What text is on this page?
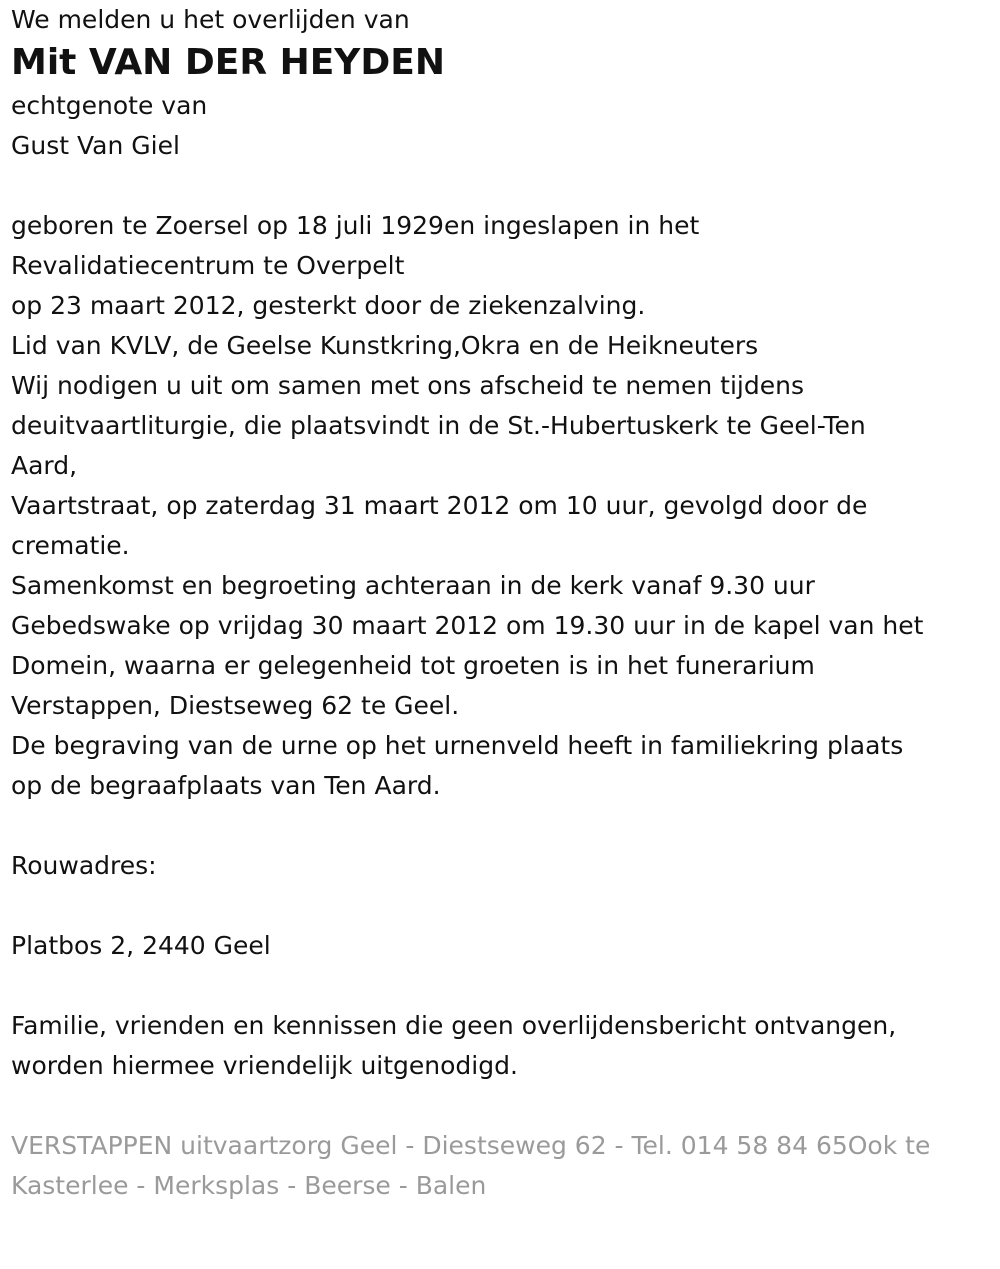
We melden u het overlijden van

Mit VAN DER HEYDEN

echtgenote van

Gust Van Giel

geboren te Zoersel op 18 juli 1929en ingeslapen in het

Revalidatiecentrum te Overpelt

op 23 maart 2012, gesterkt door de ziekenzalving.

Lid van KVLV, de Geelse Kunstkring,Okra en de Heikneuters

Wij nodigen u uit om samen met ons afscheid te nemen tijdens

deuitvaartliturgie, die plaatsvindt in de St.-Hubertuskerk te Geel-Ten

Aard,

Vaartstraat, op zaterdag 31 maart 2012 om 10 uur, gevolgd door de

crematie.

Samenkomst en begroeting achteraan in de kerk vanaf 9.30 uur

Gebedswake op vrijdag 30 maart 2012 om 19.30 uur in de kapel van het

Domein, waarna er gelegenheid tot groeten is in het funerarium

Verstappen, Diestseweg 62 te Geel.

De begraving van de urne op het urnenveld heeft in familiekring plaats

op de begraafplaats van Ten Aard.

Rouwadres:

Platbos 2, 2440 Geel

Familie, vrienden en kennissen die geen overlijdensbericht ontvangen,

worden hiermee vriendelijk uitgenodigd.

VERSTAPPEN uitvaartzorg Geel - Diestseweg 62 - Tel. 014 58 84 65Ook te

Kasterlee - Merksplas - Beerse - Balen
